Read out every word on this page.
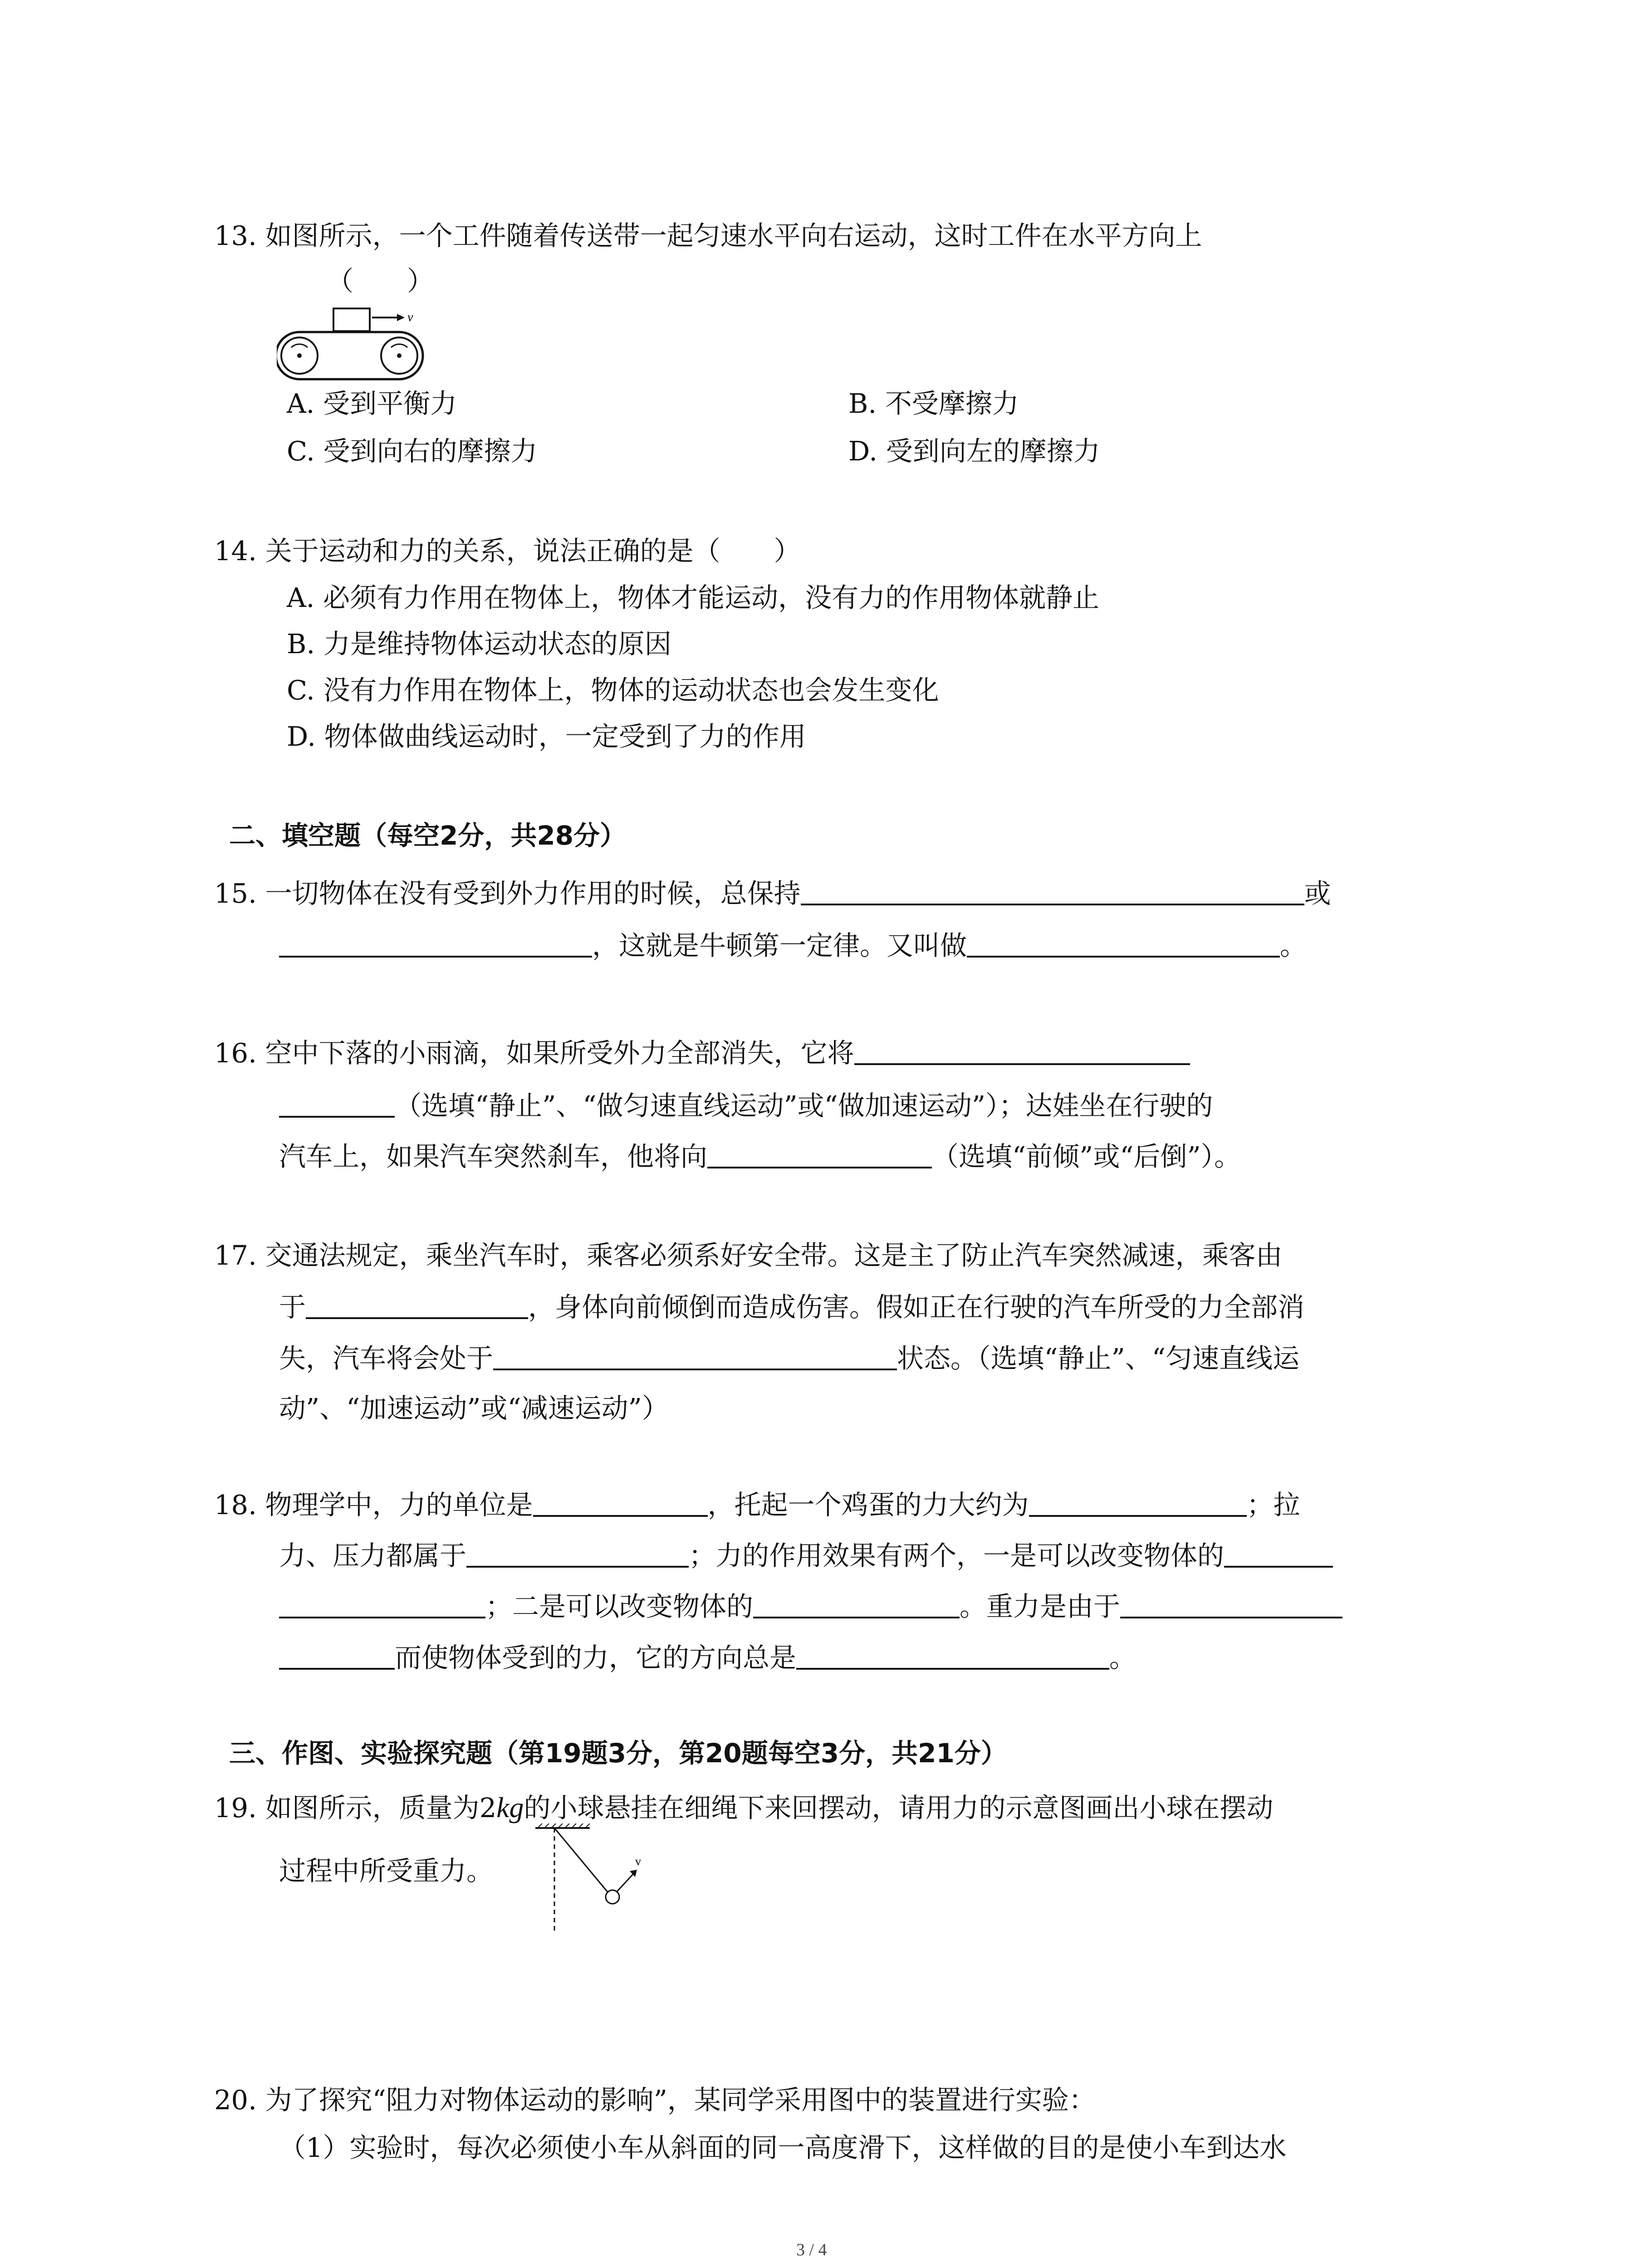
13. 如图所示，一个工件随着传送带一起匀速水平向右运动，这时工件在水平方向上
（　　）
v
A. 受到平衡力	B. 不受摩擦力
C. 受到向右的摩擦力	D. 受到向左的摩擦力
14. 关于运动和力的关系，说法正确的是（　　）
A. 必须有力作用在物体上，物体才能运动，没有力的作用物体就静止
B. 力是维持物体运动状态的原因
C. 没有力作用在物体上，物体的运动状态也会发生变化
D. 物体做曲线运动时，一定受到了力的作用
二、填空题（每空2分，共28分）
15. 一切物体在没有受到外力作用的时候，总保持	或
，这就是牛顿第一定律。又叫做	。
16. 空中下落的小雨滴，如果所受外力全部消失，它将
（选填“静止”、“做匀速直线运动”或“做加速运动”）；达娃坐在行驶的
汽车上，如果汽车突然刹车，他将向	（选填“前倾”或“后倒”）。
17. 交通法规定，乘坐汽车时，乘客必须系好安全带。这是主了防止汽车突然减速，乘客由
于	，身体向前倾倒而造成伤害。假如正在行驶的汽车所受的力全部消
失，汽车将会处于	状态。（选填“静止”、“匀速直线运
动”、“加速运动”或“减速运动”）
18. 物理学中，力的单位是	，托起一个鸡蛋的力大约为	；拉
力、压力都属于	；力的作用效果有两个，一是可以改变物体的
；二是可以改变物体的	。重力是由于
而使物体受到的力，它的方向总是	。
三、作图、实验探究题（第19题3分，第20题每空3分，共21分）
19. 如图所示，质量为2kg的小球悬挂在细绳下来回摆动，请用力的示意图画出小球在摆动
过程中所受重力。	v
20. 为了探究“阻力对物体运动的影响”，某同学采用图中的装置进行实验：
（1）实验时，每次必须使小车从斜面的同一高度滑下，这样做的目的是使小车到达水
3 / 4
